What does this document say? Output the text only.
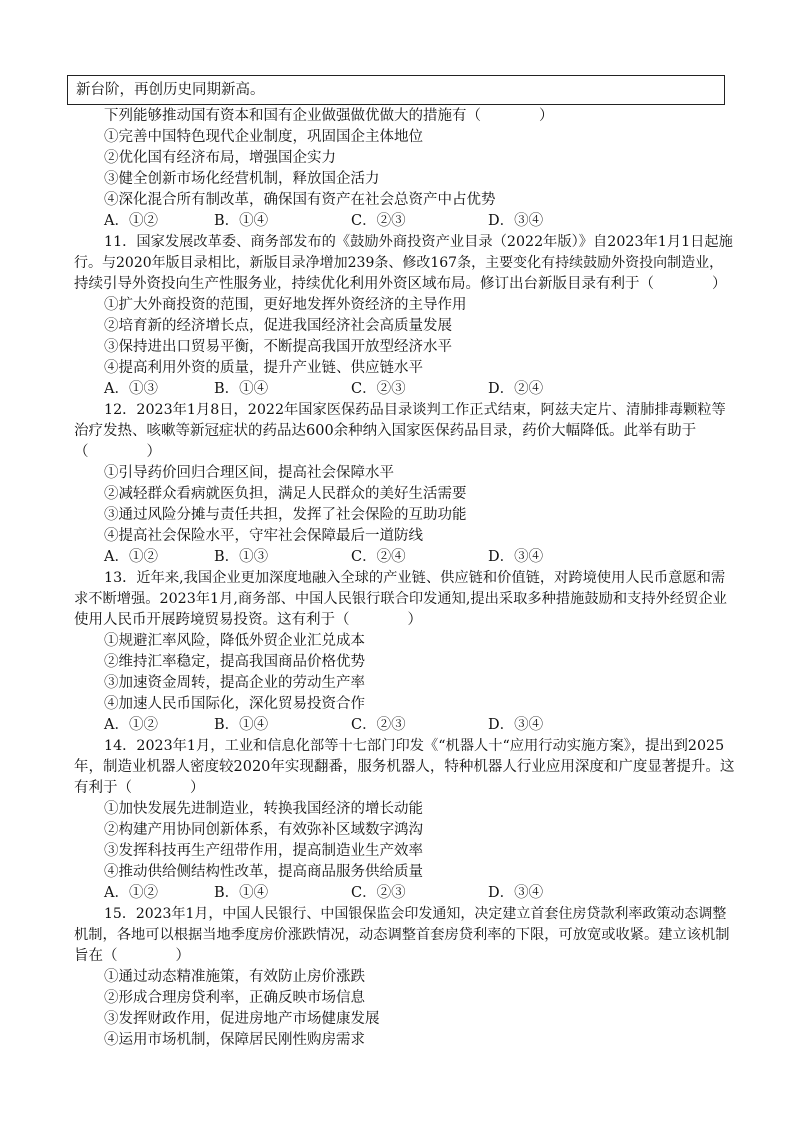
新台阶，再创历史同期新高。
下列能够推动国有资本和国有企业做强做优做大的措施有（　　　　）
①完善中国特色现代企业制度，巩固国企主体地位
②优化国有经济布局，增强国企实力
③健全创新市场化经营机制，释放国企活力
④深化混合所有制改革，确保国有资产在社会总资产中占优势
A．①②	B．①④	C．②③	D．③④
11．国家发展改革委、商务部发布的《鼓励外商投资产业目录（2022年版）》自2023年1月1日起施
行。与2020年版目录相比，新版目录净增加239条、修改167条，主要变化有持续鼓励外资投向制造业，
持续引导外资投向生产性服务业，持续优化利用外资区域布局。修订出台新版目录有利于（　　　　）
①扩大外商投资的范围，更好地发挥外资经济的主导作用
②培育新的经济增长点，促进我国经济社会高质量发展
③保持进出口贸易平衡，不断提高我国开放型经济水平
④提高利用外资的质量，提升产业链、供应链水平
A．①③	B．①④	C．②③	D．②④
12．2023年1月8日，2022年国家医保药品目录谈判工作正式结束，阿兹夫定片、清肺排毒颗粒等
治疗发热、咳嗽等新冠症状的药品达600余种纳入国家医保药品目录，药价大幅降低。此举有助于
（　　　　）
①引导药价回归合理区间，提高社会保障水平
②减轻群众看病就医负担，满足人民群众的美好生活需要
③通过风险分摊与责任共担，发挥了社会保险的互助功能
④提高社会保险水平，守牢社会保障最后一道防线
A．①②	B．①③	C．②④	D．③④
13．近年来,我国企业更加深度地融入全球的产业链、供应链和价值链，对跨境使用人民币意愿和需
求不断增强。2023年1月,商务部、中国人民银行联合印发通知,提出采取多种措施鼓励和支持外经贸企业
使用人民币开展跨境贸易投资。这有利于（　　　　）
①规避汇率风险，降低外贸企业汇兑成本
②维持汇率稳定，提高我国商品价格优势
③加速资金周转，提高企业的劳动生产率
④加速人民币国际化，深化贸易投资合作
A．①②	B．①④	C．②③	D．③④
14．2023年1月，工业和信息化部等十七部门印发《“机器人十“应用行动实施方案》，提出到2025
年，制造业机器人密度较2020年实现翻番，服务机器人，特种机器人行业应用深度和广度显著提升。这
有利于（　　　　）
①加快发展先进制造业，转换我国经济的增长动能
②构建产用协同创新体系，有效弥补区域数字鸿沟
③发挥科技再生产纽带作用，提高制造业生产效率
④推动供给侧结构性改革，提高商品服务供给质量
A．①②	B．①④	C．②③	D．③④
15．2023年1月，中国人民银行、中国银保监会印发通知，决定建立首套住房贷款利率政策动态调整
机制，各地可以根据当地季度房价涨跌情况，动态调整首套房贷利率的下限，可放宽或收紧。建立该机制
旨在（　　　　）
①通过动态精准施策，有效防止房价涨跌
②形成合理房贷利率，正确反映市场信息
③发挥财政作用，促进房地产市场健康发展
④运用市场机制，保障居民刚性购房需求
